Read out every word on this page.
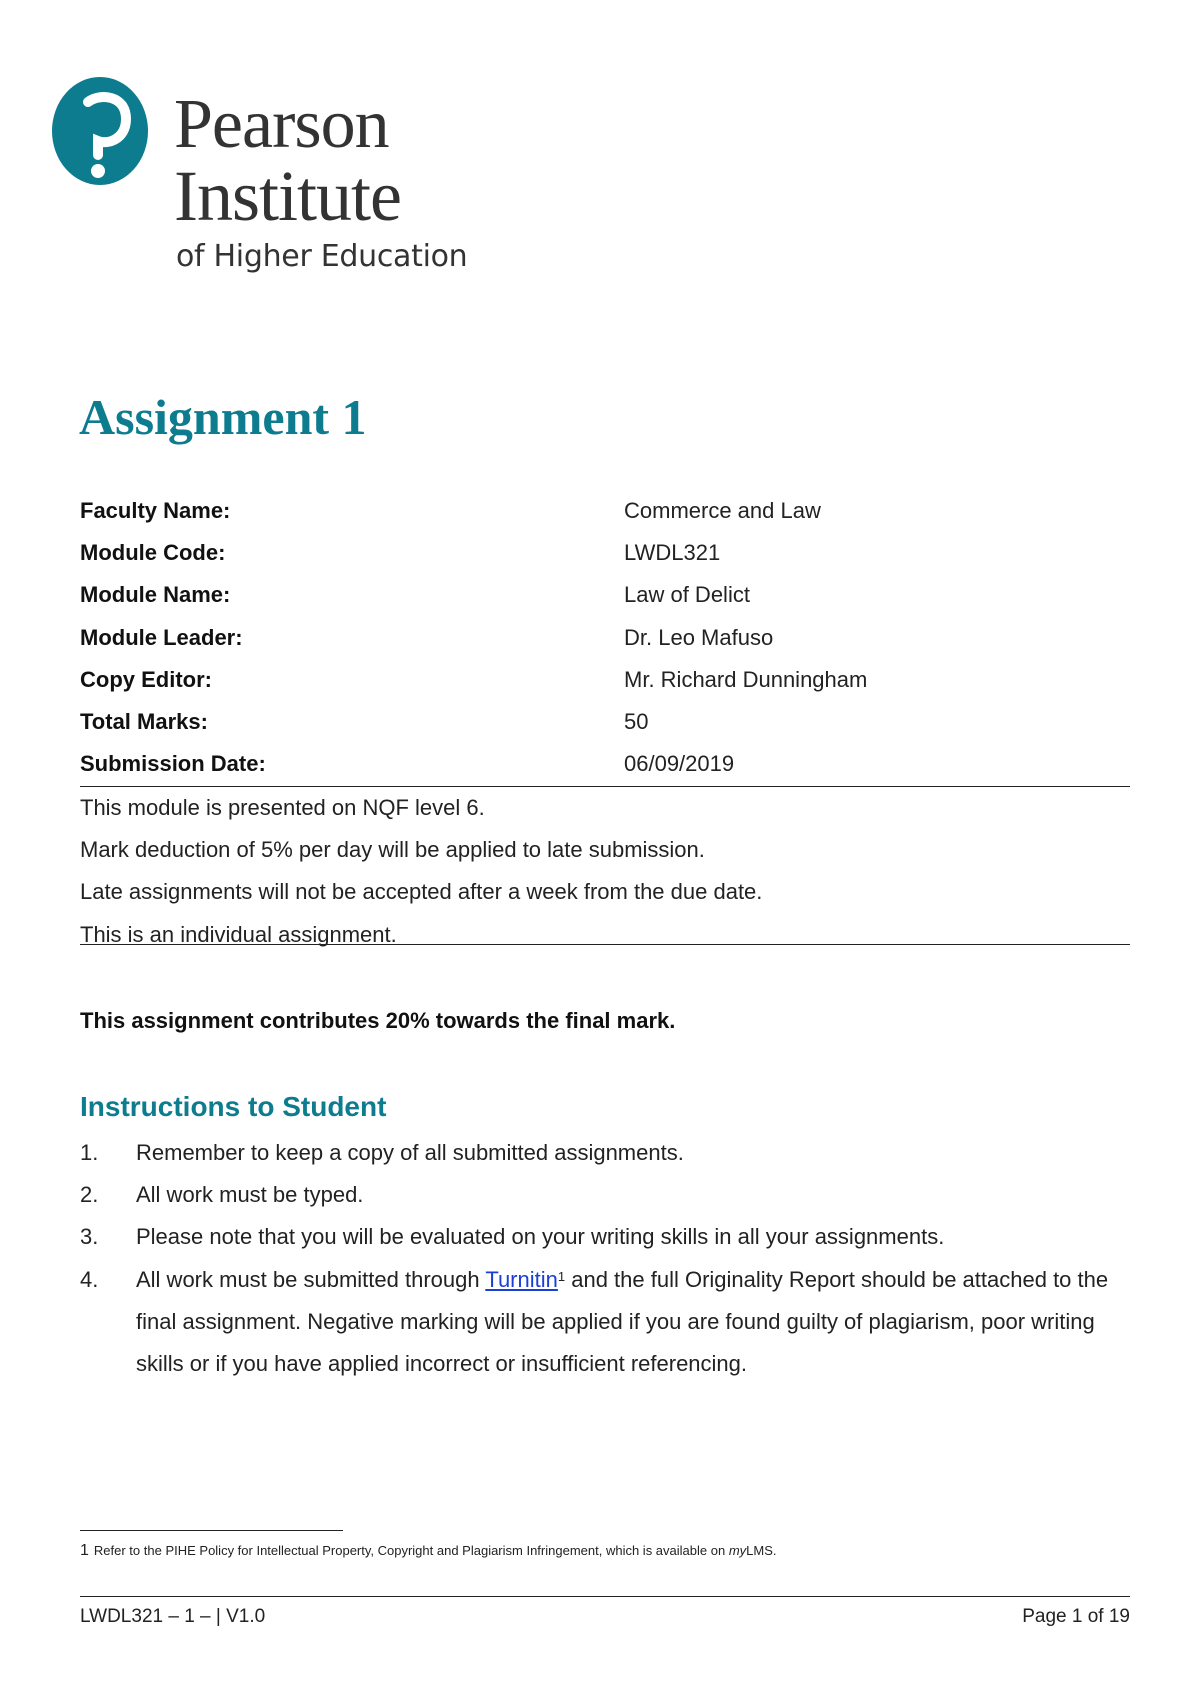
Pearson
Institute
of Higher Education
Assignment 1
Faculty Name:	Commerce and Law
Module Code:	LWDL321
Module Name:	Law of Delict
Module Leader:	Dr. Leo Mafuso
Copy Editor:	Mr. Richard Dunningham
Total Marks:	50
Submission Date:	06/09/2019
This module is presented on NQF level 6.
Mark deduction of 5% per day will be applied to late submission.
Late assignments will not be accepted after a week from the due date.
This is an individual assignment.
This assignment contributes 20% towards the final mark.
Instructions to Student
1. Remember to keep a copy of all submitted assignments.
2. All work must be typed.
3. Please note that you will be evaluated on your writing skills in all your assignments.
4. All work must be submitted through Turnitin$^1$ and the full Originality Report should be attached to the final assignment. Negative marking will be applied if you are found guilty of plagiarism, poor writing skills or if you have applied incorrect or insufficient referencing.
1 Refer to the PIHE Policy for Intellectual Property, Copyright and Plagiarism Infringement, which is available on myLMS.
LWDL321 – 1 – | V1.0	Page 1 of 19
